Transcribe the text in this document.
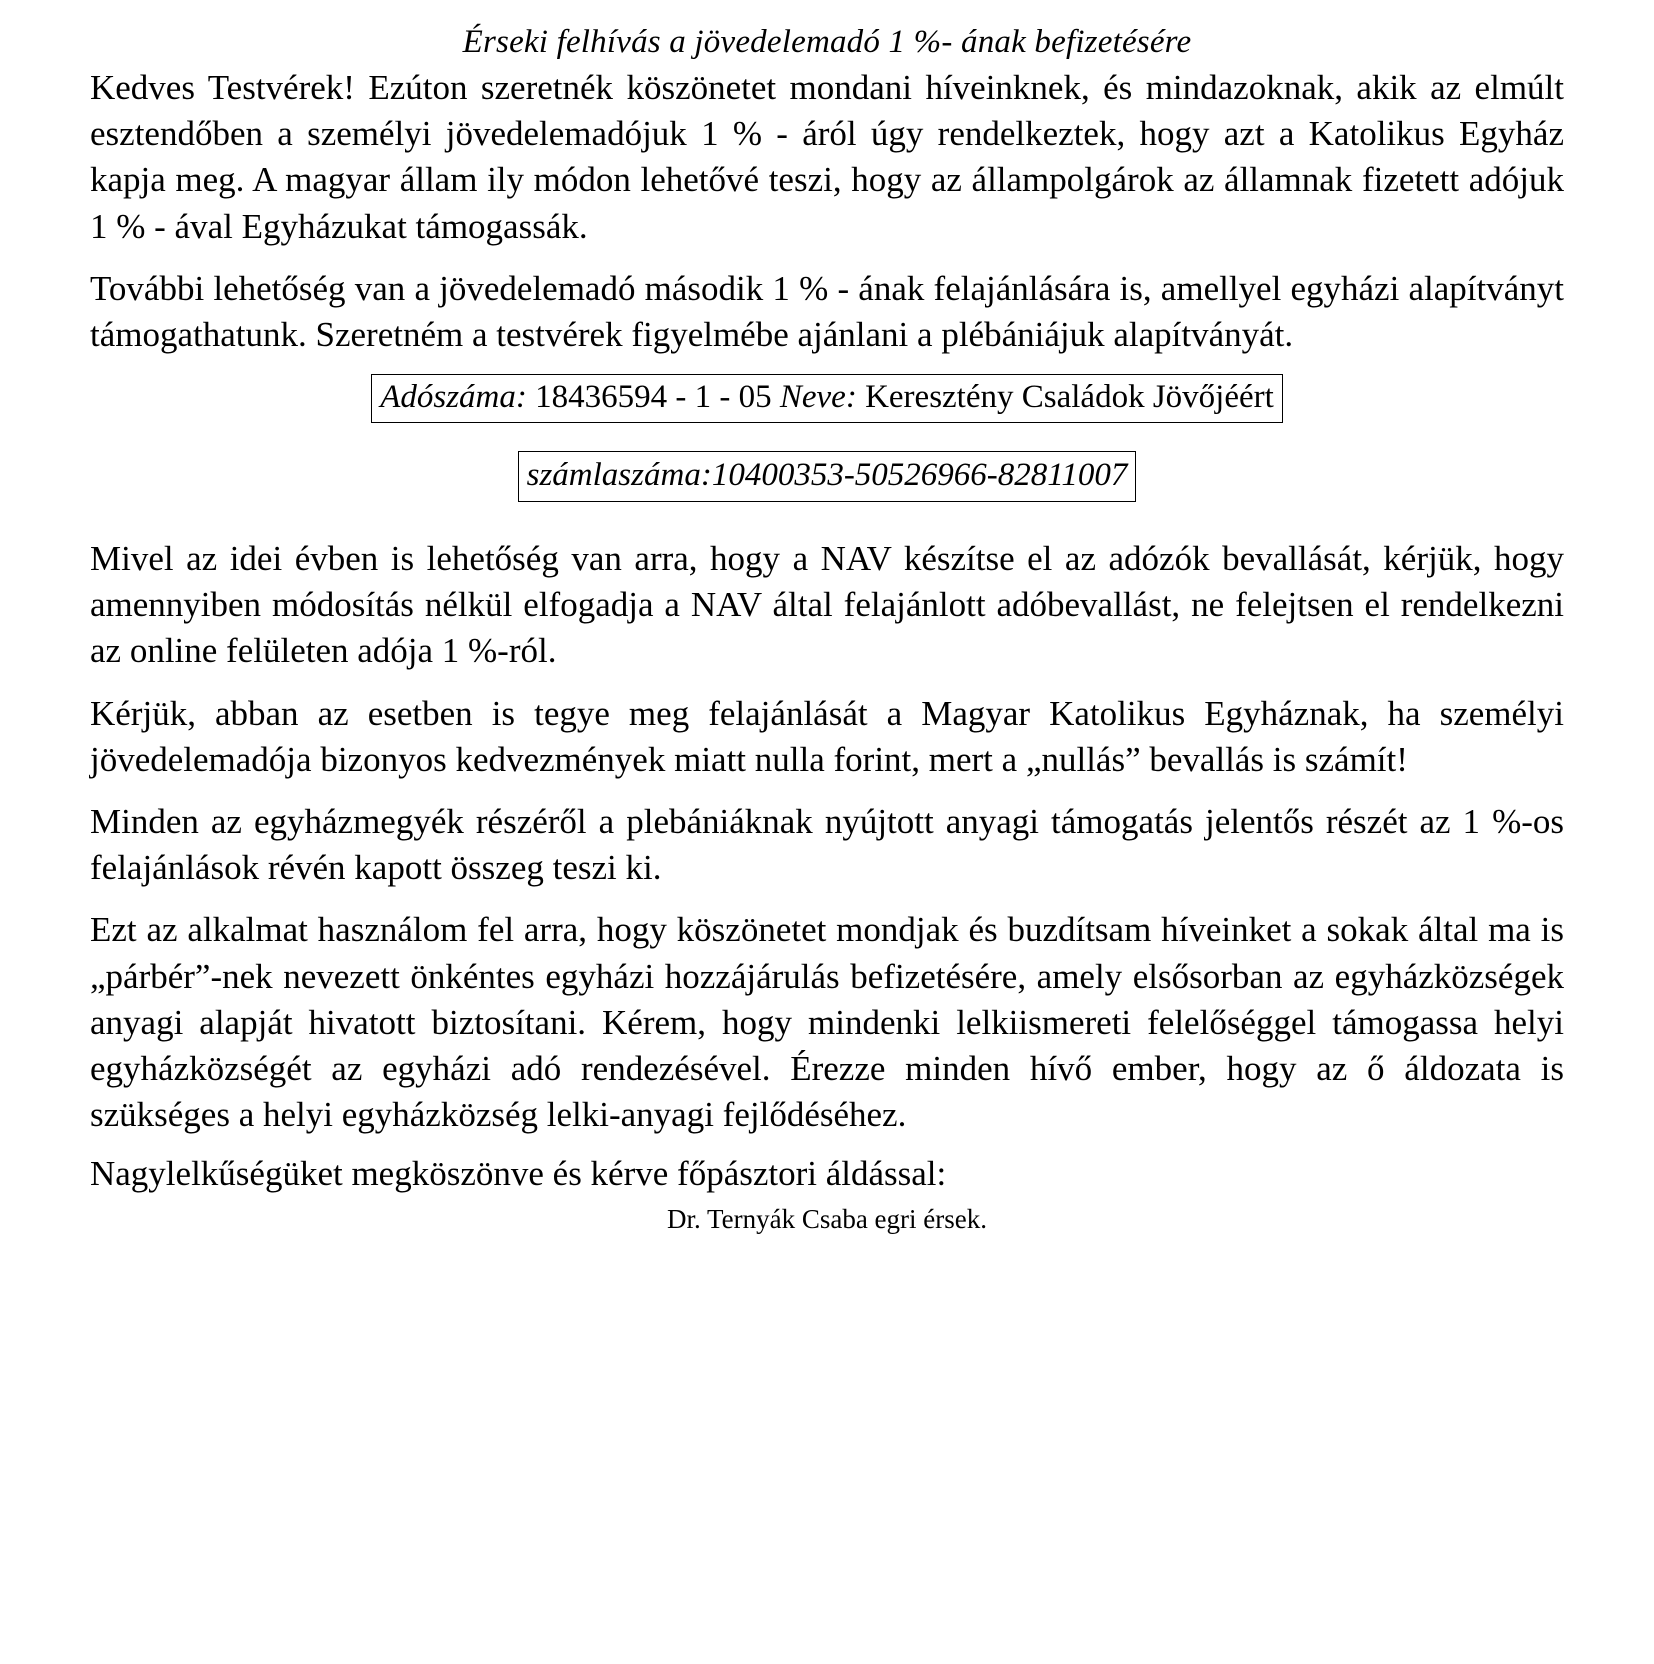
Érseki felhívás a jövedelemadó 1 %- ának befizetésére

Kedves Testvérek! Ezúton szeretnék köszönetet mondani híveinknek, és mindazoknak, akik az elmúlt esztendőben a személyi jövedelemadójuk 1 % - áról úgy rendelkeztek, hogy azt a Katolikus Egyház kapja meg. A magyar állam ily módon lehetővé teszi, hogy az állampolgárok az államnak fizetett adójuk 1 % - ával Egyházukat támogassák.

További lehetőség van a jövedelemadó második 1 % - ának felajánlására is, amellyel egyházi alapítványt támogathatunk. Szeretném a testvérek figyelmébe ajánlani a plébániájuk alapítványát.

Adószáma: 18436594 - 1 - 05 Neve: Keresztény Családok Jövőjéért
számlaszáma:10400353-50526966-82811007

Mivel az idei évben is lehetőség van arra, hogy a NAV készítse el az adózók bevallását, kérjük, hogy amennyiben módosítás nélkül elfogadja a NAV által felajánlott adóbevallást, ne felejtsen el rendelkezni az online felületen adója 1 %-ról.

Kérjük, abban az esetben is tegye meg felajánlását a Magyar Katolikus Egyháznak, ha személyi jövedelemadója bizonyos kedvezmények miatt nulla forint, mert a „nullás” bevallás is számít!

Minden az egyházmegyék részéről a plebániáknak nyújtott anyagi támogatás jelentős részét az 1 %-os felajánlások révén kapott összeg teszi ki.

Ezt az alkalmat használom fel arra, hogy köszönetet mondjak és buzdítsam híveinket a sokak által ma is „párbér”-nek nevezett önkéntes egyházi hozzájárulás befizetésére, amely elsősorban az egyházközségek anyagi alapját hivatott biztosítani. Kérem, hogy mindenki lelkiismereti felelőséggel támogassa helyi egyházközségét az egyházi adó rendezésével. Érezze minden hívő ember, hogy az ő áldozata is szükséges a helyi egyházközség lelki-anyagi fejlődéséhez.

Nagylelkűségüket megköszönve és kérve főpásztori áldással:

Dr. Ternyák Csaba egri érsek.
